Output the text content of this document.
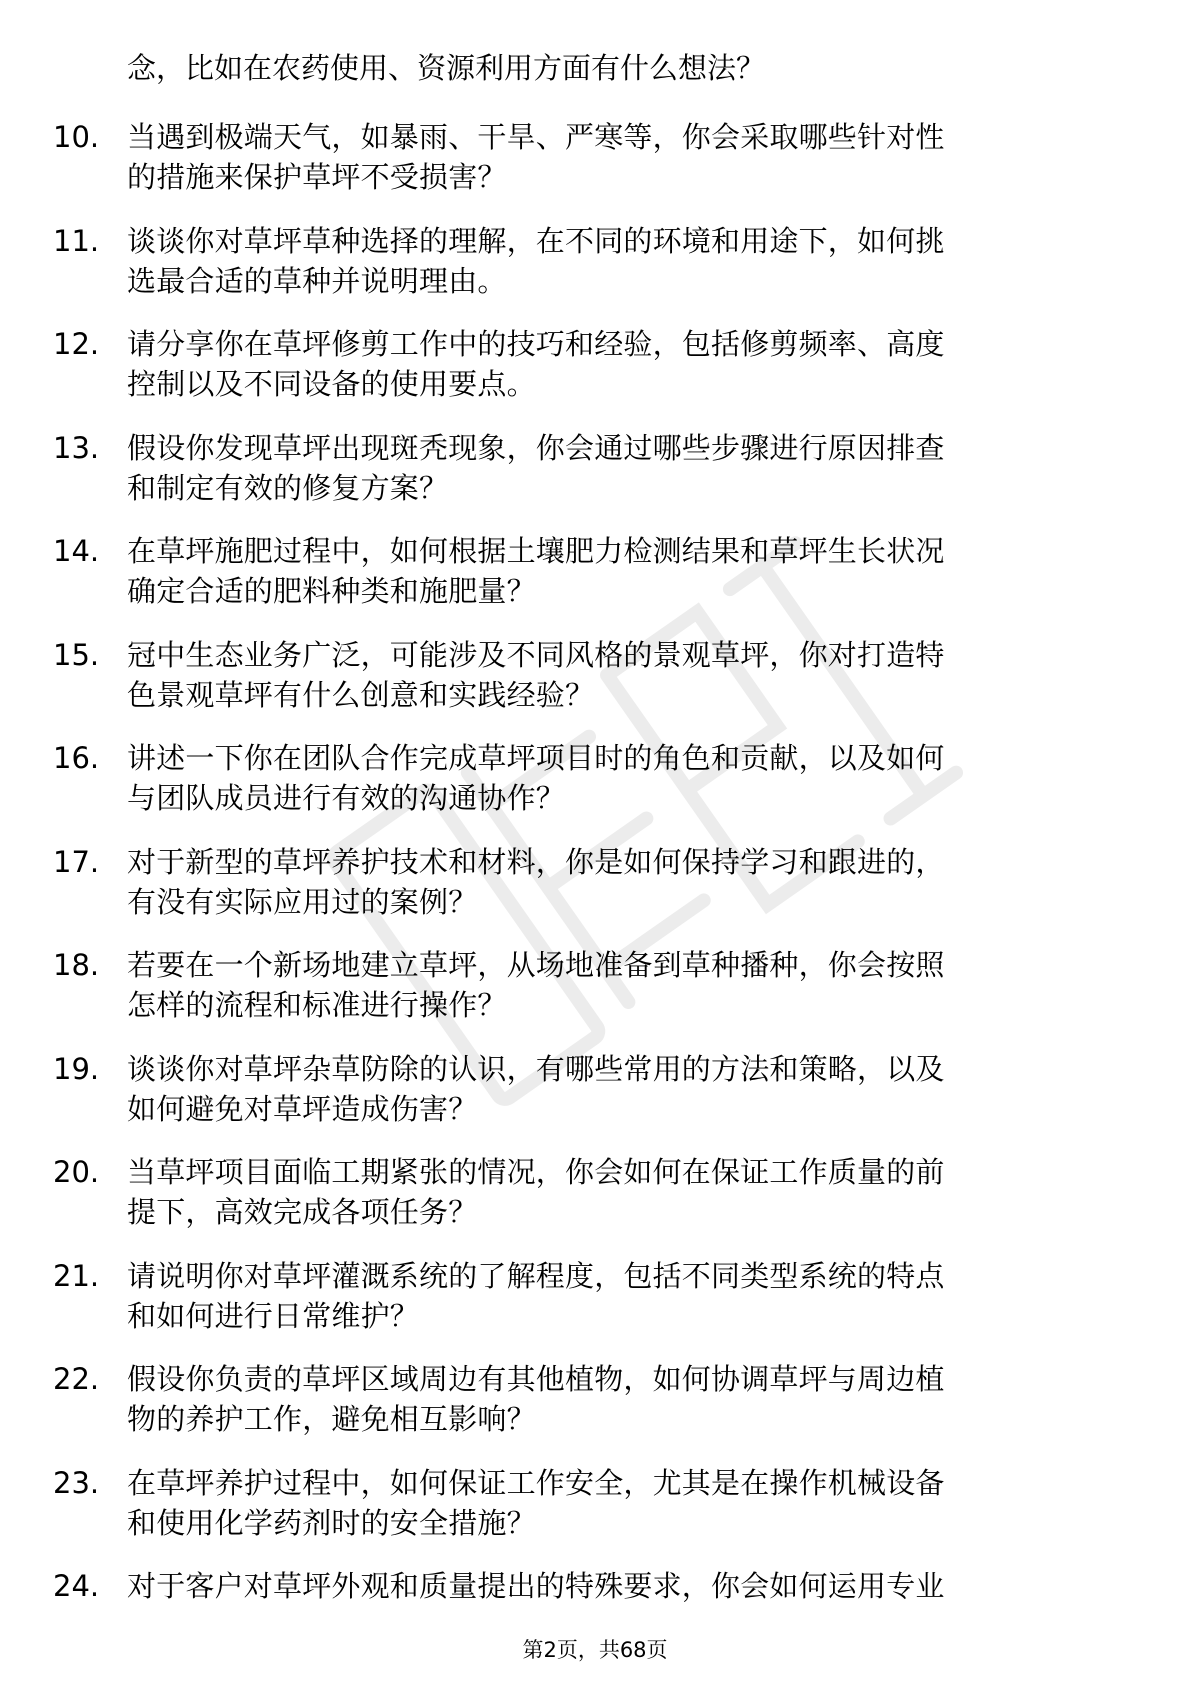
念，比如在农药使用、资源利用方面有什么想法？
10. 当遇到极端天气，如暴雨、干旱、严寒等，你会采取哪些针对性
的措施来保护草坪不受损害？
11. 谈谈你对草坪草种选择的理解，在不同的环境和用途下，如何挑
选最合适的草种并说明理由。
12. 请分享你在草坪修剪工作中的技巧和经验，包括修剪频率、高度
控制以及不同设备的使用要点。
13. 假设你发现草坪出现斑秃现象，你会通过哪些步骤进行原因排查
和制定有效的修复方案？
14. 在草坪施肥过程中，如何根据土壤肥力检测结果和草坪生长状况
确定合适的肥料种类和施肥量？
15. 冠中生态业务广泛，可能涉及不同风格的景观草坪，你对打造特
色景观草坪有什么创意和实践经验？
16. 讲述一下你在团队合作完成草坪项目时的角色和贡献，以及如何
与团队成员进行有效的沟通协作？
17. 对于新型的草坪养护技术和材料，你是如何保持学习和跟进的，
有没有实际应用过的案例？
18. 若要在一个新场地建立草坪，从场地准备到草种播种，你会按照
怎样的流程和标准进行操作？
19. 谈谈你对草坪杂草防除的认识，有哪些常用的方法和策略，以及
如何避免对草坪造成伤害？
20. 当草坪项目面临工期紧张的情况，你会如何在保证工作质量的前
提下，高效完成各项任务？
21. 请说明你对草坪灌溉系统的了解程度，包括不同类型系统的特点
和如何进行日常维护？
22. 假设你负责的草坪区域周边有其他植物，如何协调草坪与周边植
物的养护工作，避免相互影响？
23. 在草坪养护过程中，如何保证工作安全，尤其是在操作机械设备
和使用化学药剂时的安全措施？
24. 对于客户对草坪外观和质量提出的特殊要求，你会如何运用专业
第2页，共68页
